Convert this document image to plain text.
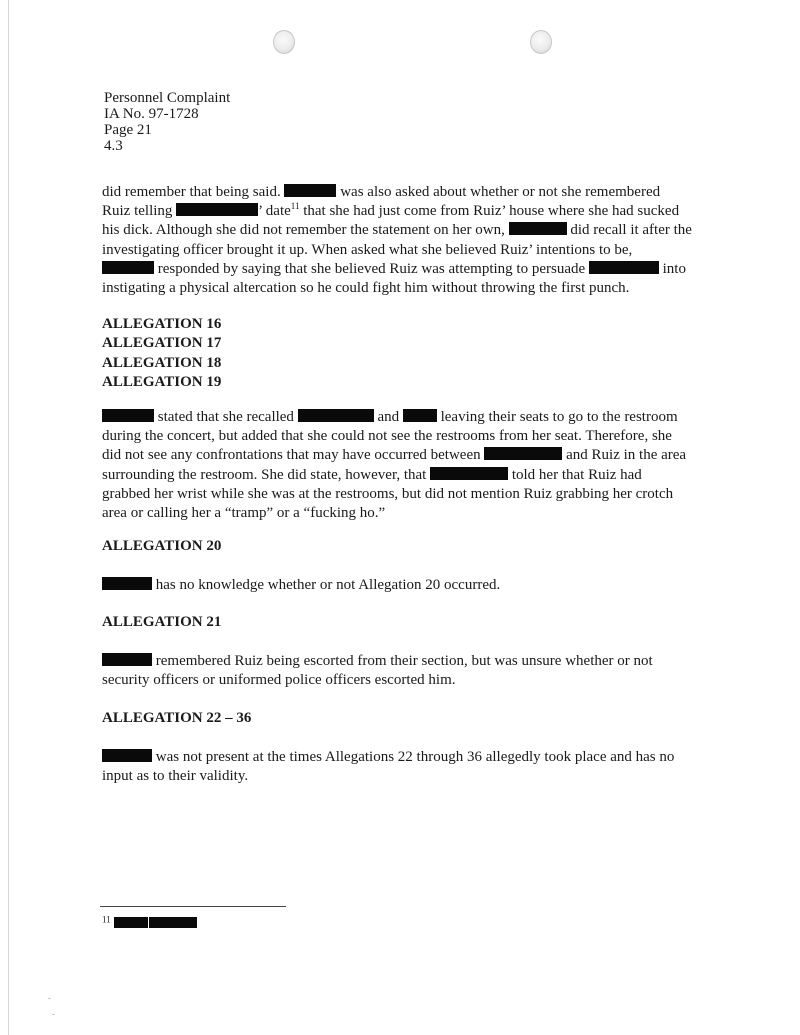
Personnel Complaint
IA No. 97-1728
Page 21
4.3
did remember that being said.	was also asked about whether or not she remembered
Ruiz telling	’ date$^{11}$ that she had just come from Ruiz’ house where she had sucked
his dick. Although she did not remember the statement on her own,	did recall it after the
investigating officer brought it up. When asked what she believed Ruiz’ intentions to be,
responded by saying that she believed Ruiz was attempting to persuade	into
instigating a physical altercation so he could fight him without throwing the first punch.
ALLEGATION 16
ALLEGATION 17
ALLEGATION 18
ALLEGATION 19
stated that she recalled	and  leaving their seats to go to the restroom
during the concert, but added that she could not see the restrooms from her seat. Therefore, she
did not see any confrontations that may have occurred between	and Ruiz in the area
surrounding the restroom. She did state, however, that	told her that Ruiz had
grabbed her wrist while she was at the restrooms, but did not mention Ruiz grabbing her crotch
area or calling her a “tramp” or a “fucking ho.”
ALLEGATION 20
has no knowledge whether or not Allegation 20 occurred.
ALLEGATION 21
remembered Ruiz being escorted from their section, but was unsure whether or not
security officers or uniformed police officers escorted him.
ALLEGATION 22 – 36
was not present at the times Allegations 22 through 36 allegedly took place and has no
input as to their validity.
$^{11}$
